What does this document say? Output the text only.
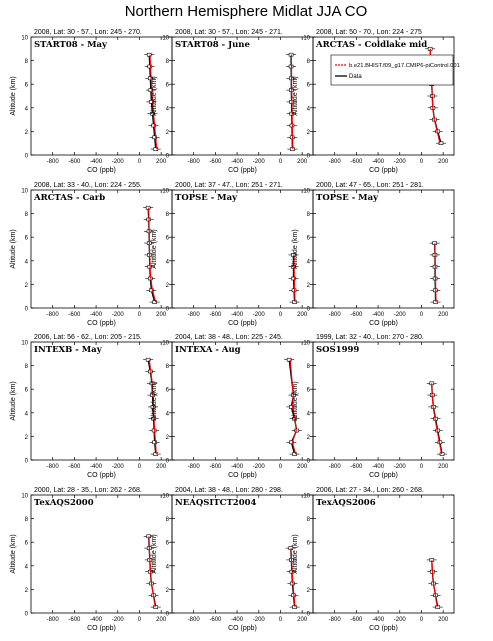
Northern Hemisphere Midlat JJA CO
2008, Lat: 30 - 57., Lon: 245 - 270.
START08 - May
-800 -600 -400 -200 0	200
CO (ppb)
0
2
4
6
8
10
Altitude (km)
2008, Lat: 30 - 57., Lon: 245 - 271.
START08 - June
-800 -600 -400 -200 0	200
CO (ppb)
0
2
4
6
8
10
Altitude (km)
2008, Lat: 50 - 70., Lon: 224 - 275
ARCTAS - Coldlake mid
-800 -600 -400 -200 0	200
CO (ppb)
0
2
4
6
8
10
Altitude (km)
b.e21.BHIST.f09_g17.CMIP6-piControl.001
Data
2008, Lat: 33 - 40., Lon: 224 - 255.
ARCTAS - Carb
-800 -600 -400 -200 0	200
CO (ppb)
0
2
4
6
8
10
Altitude (km)
2000, Lat: 37 - 47., Lon: 251 - 271.
TOPSE - May
-800 -600 -400 -200 0	200
CO (ppb)
0
2
4
6
8
10
Altitude (km)
2000, Lat: 47 - 65., Lon: 251 - 281.
TOPSE - May
-800 -600 -400 -200 0	200
CO (ppb)
0
2
4
6
8
10
Altitude (km)
2006, Lat: 56 - 62., Lon: 205 - 215.
INTEXB - May
-800 -600 -400 -200 0	200
CO (ppb)
0
2
4
6
8
10
Altitude (km)
2004, Lat: 38 - 48., Lon: 225 - 245.
INTEXA - Aug
-800 -600 -400 -200 0	200
CO (ppb)
0
2
4
6
8
10
Altitude (km)
1999, Lat: 32 - 40., Lon: 270 - 280.
SOS1999
-800 -600 -400 -200 0	200
CO (ppb)
0
2
4
6
8
10
Altitude (km)
2000, Lat: 28 - 35., Lon: 262 - 268.
TexAQS2000
-800 -600 -400 -200 0	200
CO (ppb)
0
2
4
6
8
10
Altitude (km)
2004, Lat: 38 - 48., Lon: 280 - 298.
NEAQSITCT2004
-800 -600 -400 -200 0	200
CO (ppb)
0
2
4
6
8
10
Altitude (km)
2006, Lat: 27 - 34., Lon: 260 - 268.
TexAQS2006
-800 -600 -400 -200 0	200
CO (ppb)
0
2
4
6
8
10
Altitude (km)
